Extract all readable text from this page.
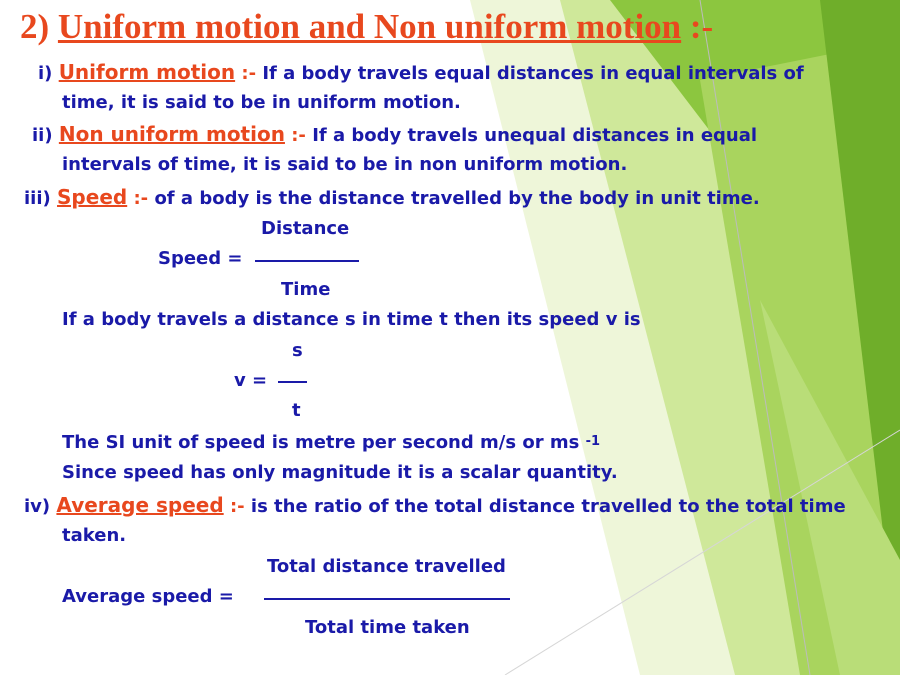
2) Uniform motion and Non uniform motion :-
i) Uniform motion :- If a body travels equal distances in equal intervals of
time, it is said to be in uniform motion.
ii) Non uniform motion :- If a body travels unequal distances in equal
intervals of time, it is said to be in non uniform motion.
iii) Speed :- of a body is the distance travelled by the body in unit time.
Distance
Speed =
Time
If a body travels a distance s in time t then its speed v is
s
v =
t
The SI unit of speed is metre per second m/s or ms $^{-1}$
Since speed has only magnitude it is a scalar quantity.
iv) Average speed :- is the ratio of the total distance travelled to the total time
taken.
Total distance travelled
Average speed =
Total time taken
